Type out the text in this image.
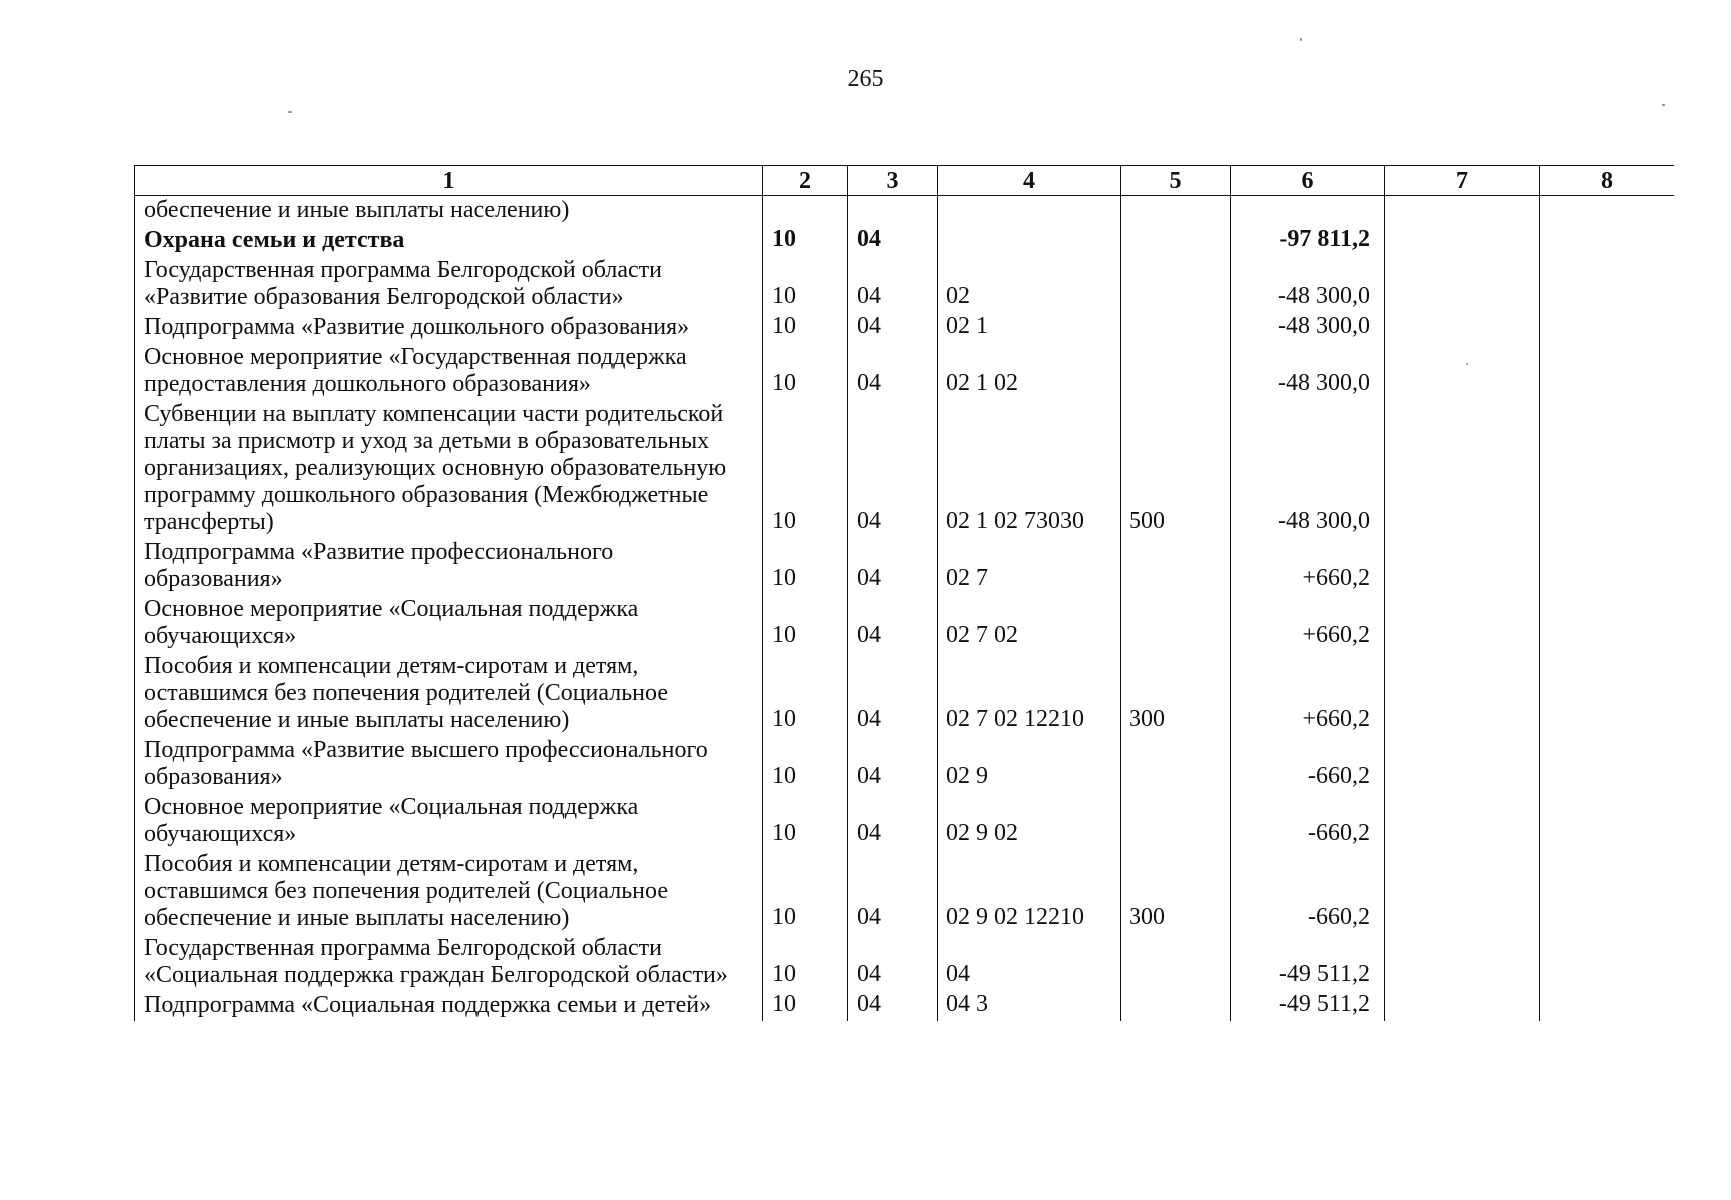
265
1	2	3	4	5	6	7	8
обеспечение и иные выплаты населению)							
Охрана семьи и детства	10	04			-97 811,2		
Государственная программа Белгородской области «Развитие образования Белгородской области»	10	04	02		-48 300,0		
Подпрограмма «Развитие дошкольного образования»	10	04	02 1		-48 300,0		
Основное мероприятие «Государственная поддержка предоставления дошкольного образования»	10	04	02 1 02		-48 300,0		
Субвенции на выплату компенсации части родительской платы за присмотр и уход за детьми в образовательных организациях, реализующих основную образовательную программу дошкольного образования (Межбюджетные трансферты)	10	04	02 1 02 73030	500	-48 300,0		
Подпрограмма «Развитие профессионального образования»	10	04	02 7		+660,2		
Основное мероприятие «Социальная поддержка обучающихся»	10	04	02 7 02		+660,2		
Пособия и компенсации детям-сиротам и детям, оставшимся без попечения родителей (Социальное обеспечение и иные выплаты населению)	10	04	02 7 02 12210	300	+660,2		
Подпрограмма «Развитие высшего профессионального образования»	10	04	02 9		-660,2		
Основное мероприятие «Социальная поддержка обучающихся»	10	04	02 9 02		-660,2		
Пособия и компенсации детям-сиротам и детям, оставшимся без попечения родителей (Социальное обеспечение и иные выплаты населению)	10	04	02 9 02 12210	300	-660,2		
Государственная программа Белгородской области «Социальная поддержка граждан Белгородской области»	10	04	04		-49 511,2		
Подпрограмма «Социальная поддержка семьи и детей»	10	04	04 3		-49 511,2		
